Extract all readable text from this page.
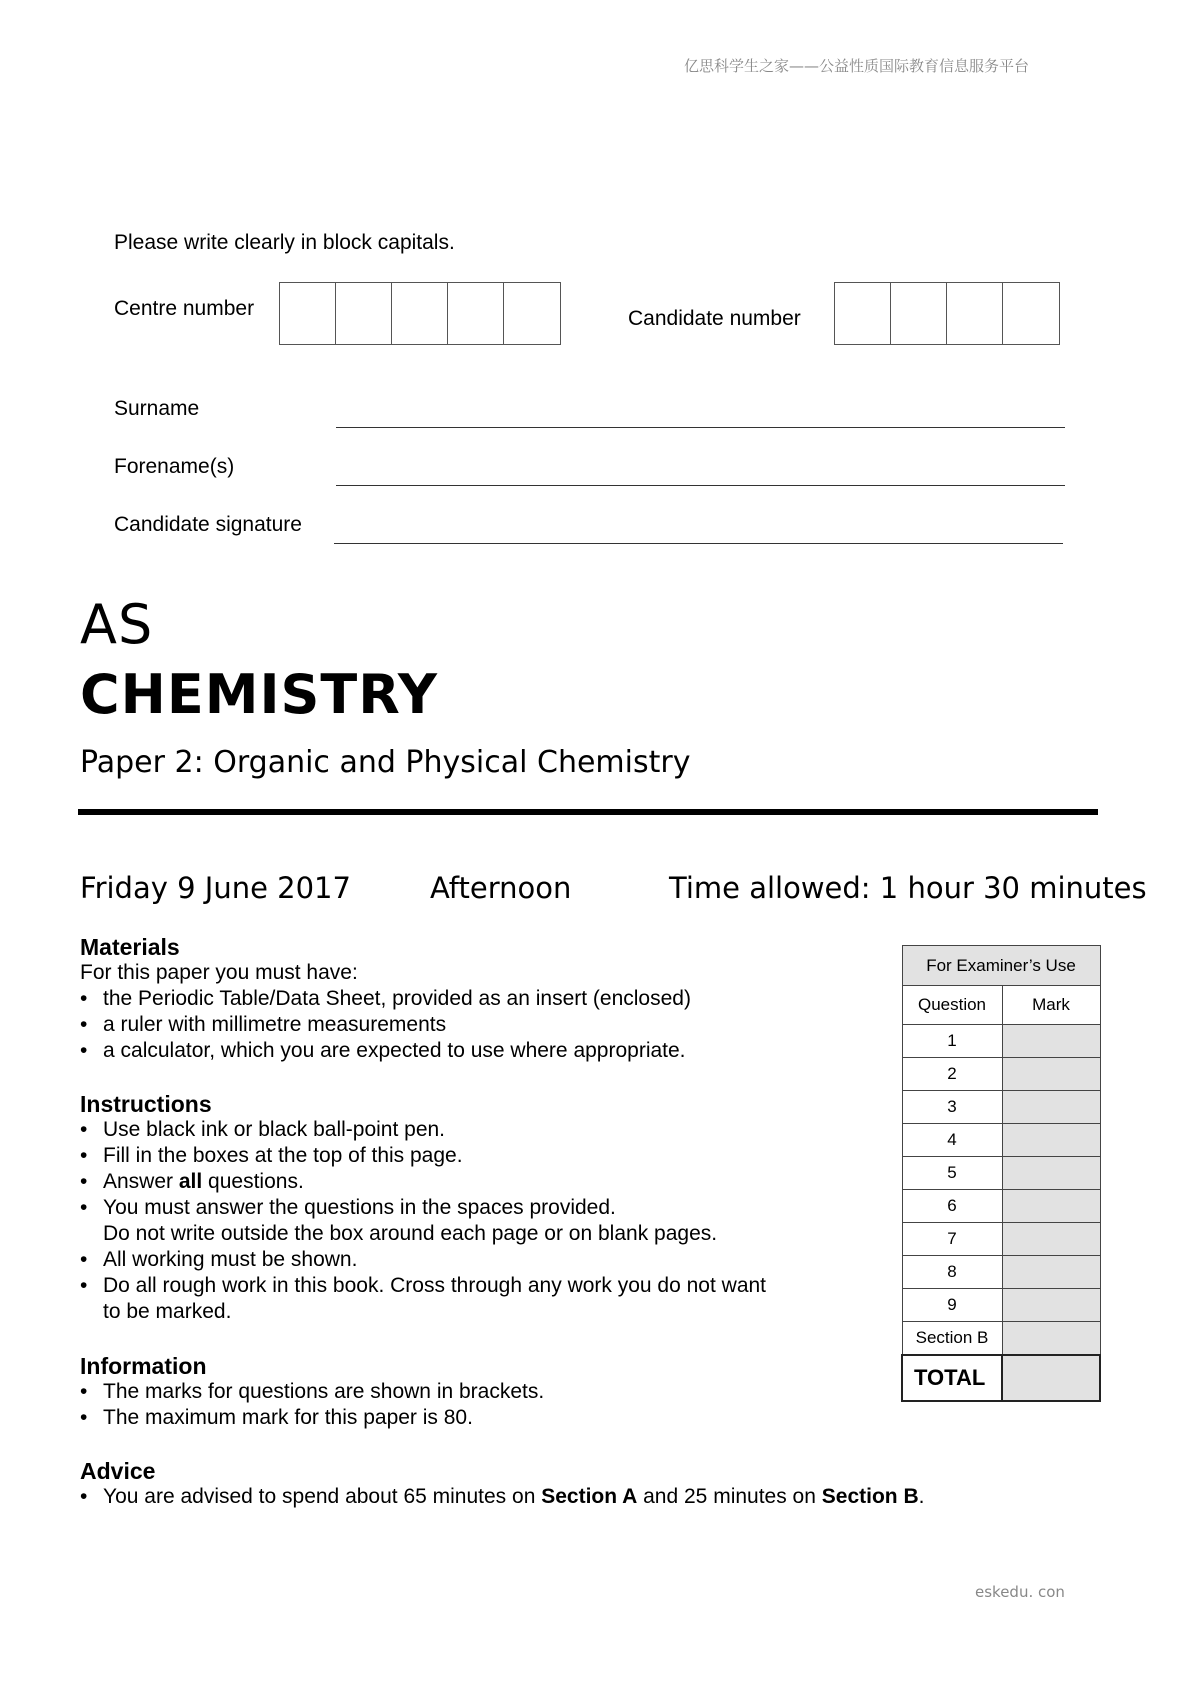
亿思科学生之家——公益性质国际教育信息服务平台
eskedu. con
Please write clearly in block capitals.
Centre number	Candidate number
Surname
Forename(s)
Candidate signature
AS
CHEMISTRY
Paper 2: Organic and Physical Chemistry
Friday 9 June 2017	Afternoon	Time allowed: 1 hour 30 minutes
Materials
For this paper you must have:
• the Periodic Table/Data Sheet, provided as an insert (enclosed)
• a ruler with millimetre measurements
• a calculator, which you are expected to use where appropriate.
Instructions
• Use black ink or black ball-point pen.
• Fill in the boxes at the top of this page.
• Answer all questions.
• You must answer the questions in the spaces provided.
Do not write outside the box around each page or on blank pages.
• All working must be shown.
• Do all rough work in this book. Cross through any work you do not want
to be marked.
Information
• The marks for questions are shown in brackets.
• The maximum mark for this paper is 80.
Advice
• You are advised to spend about 65 minutes on Section A and 25 minutes on Section B.
For Examiner’s Use	
Question	Mark
1	
2	
3	
4	
5	
6	
7	
8	
9	
Section B	
TOTAL	
